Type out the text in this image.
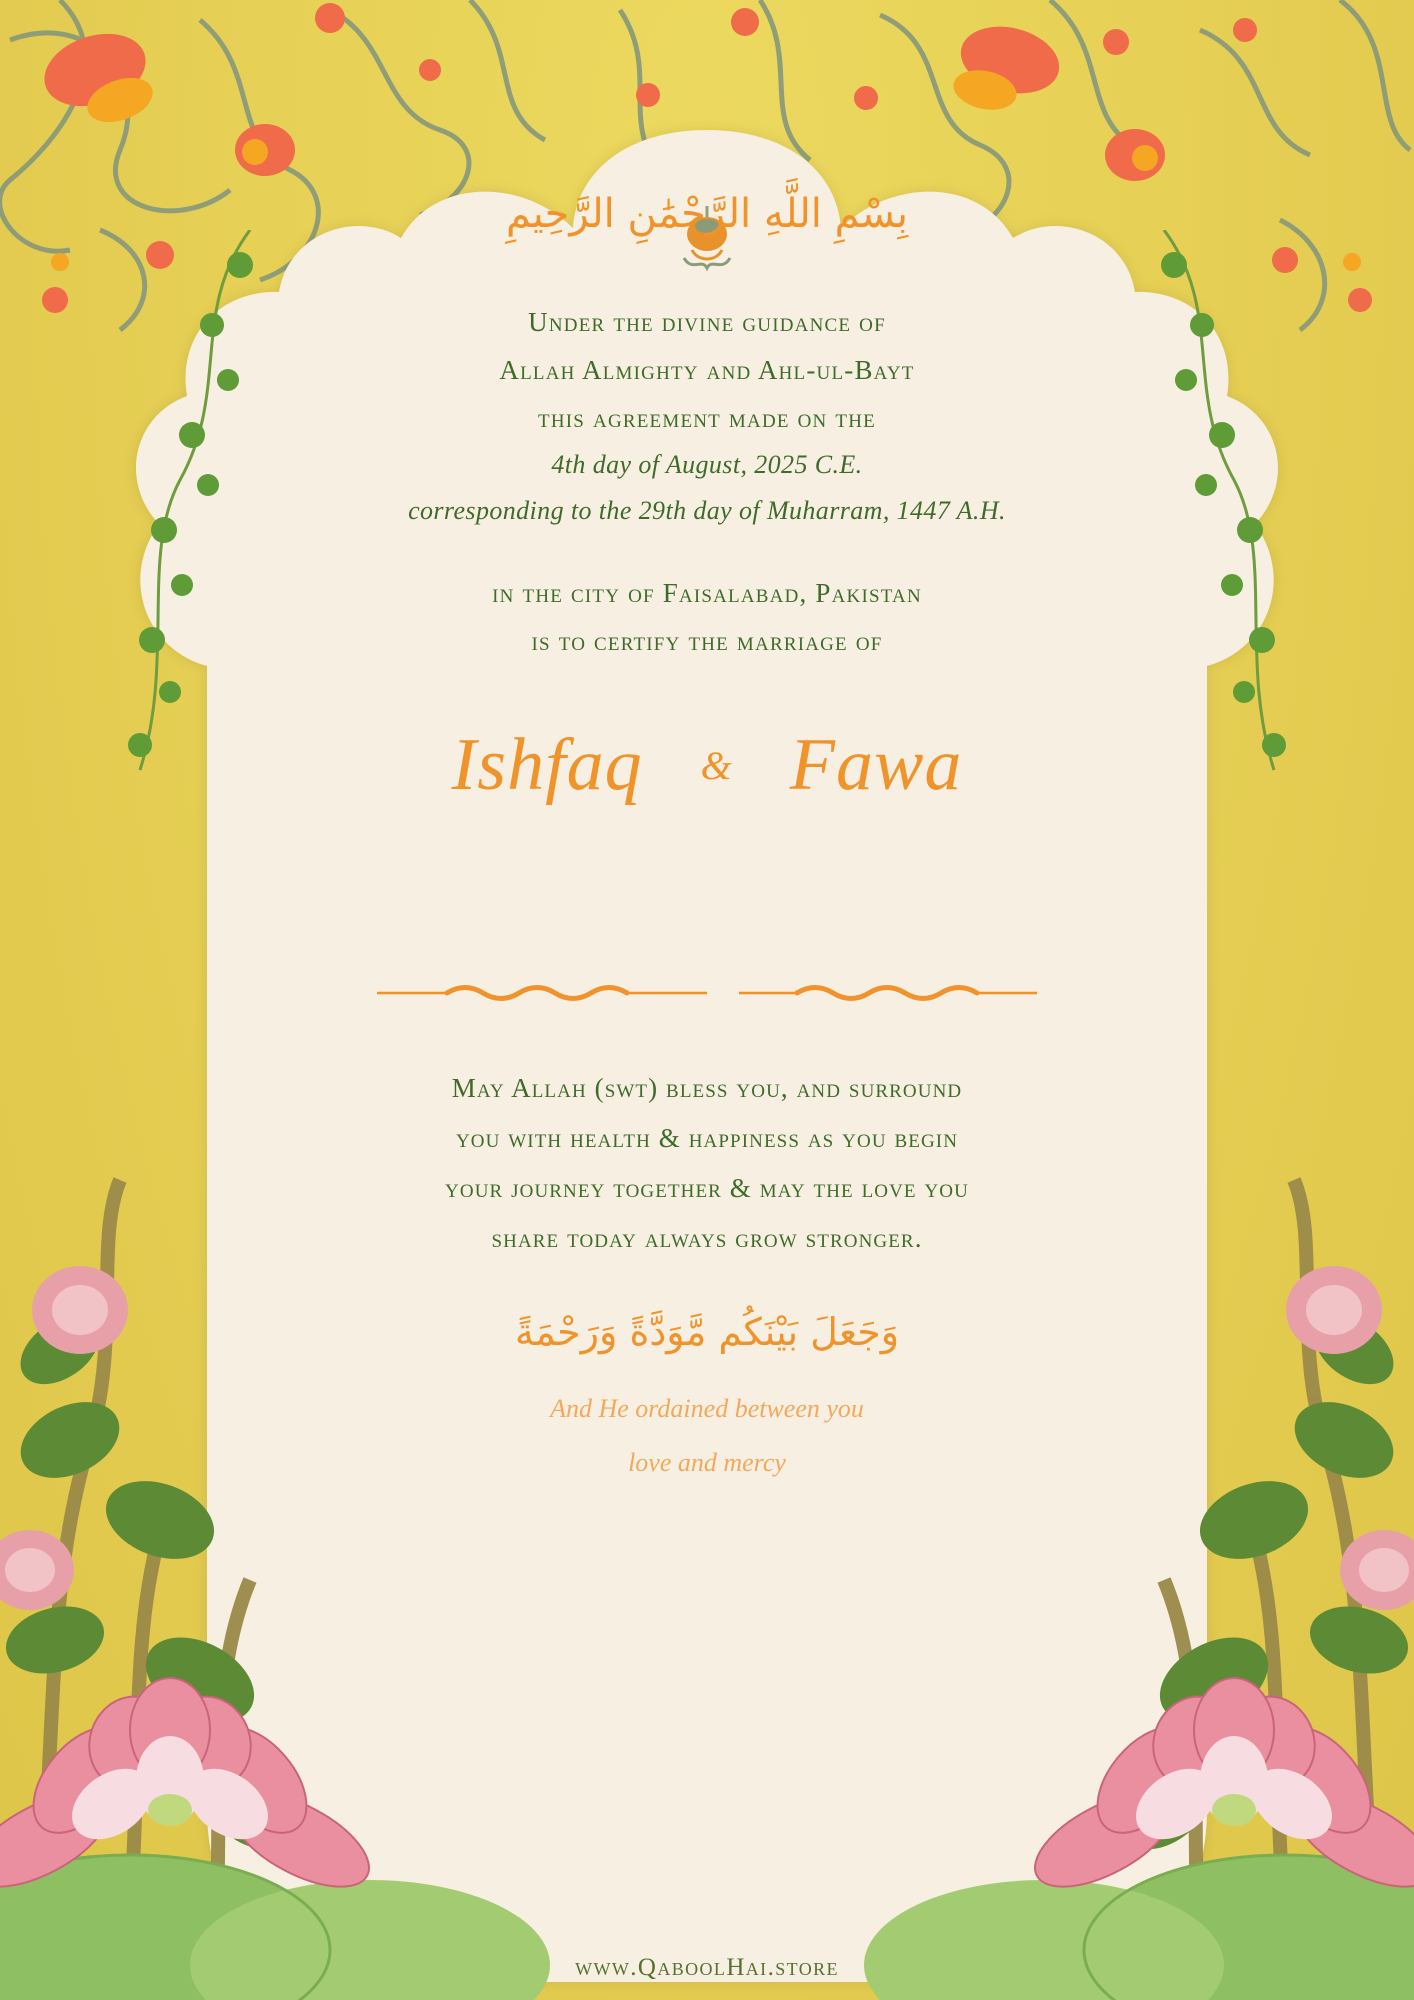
بِسْمِ اللَّهِ الرَّحْمَٰنِ الرَّحِيمِ
Under the divine guidance of
Allah Almighty and Ahl-ul-Bayt
this agreement made on the
4th day of August, 2025 C.E.
corresponding to the 29th day of Muharram, 1447 A.H.
in the city of Faisalabad, Pakistan
is to certify the marriage of
Ishfaq & Fawa
May Allah (swt) bless you, and surround
you with health & happiness as you begin
your journey together & may the love you
share today always grow stronger.
وَجَعَلَ بَيْنَكُم مَّوَدَّةً وَرَحْمَةً
And He ordained between you
love and mercy
www.QaboolHai.store
